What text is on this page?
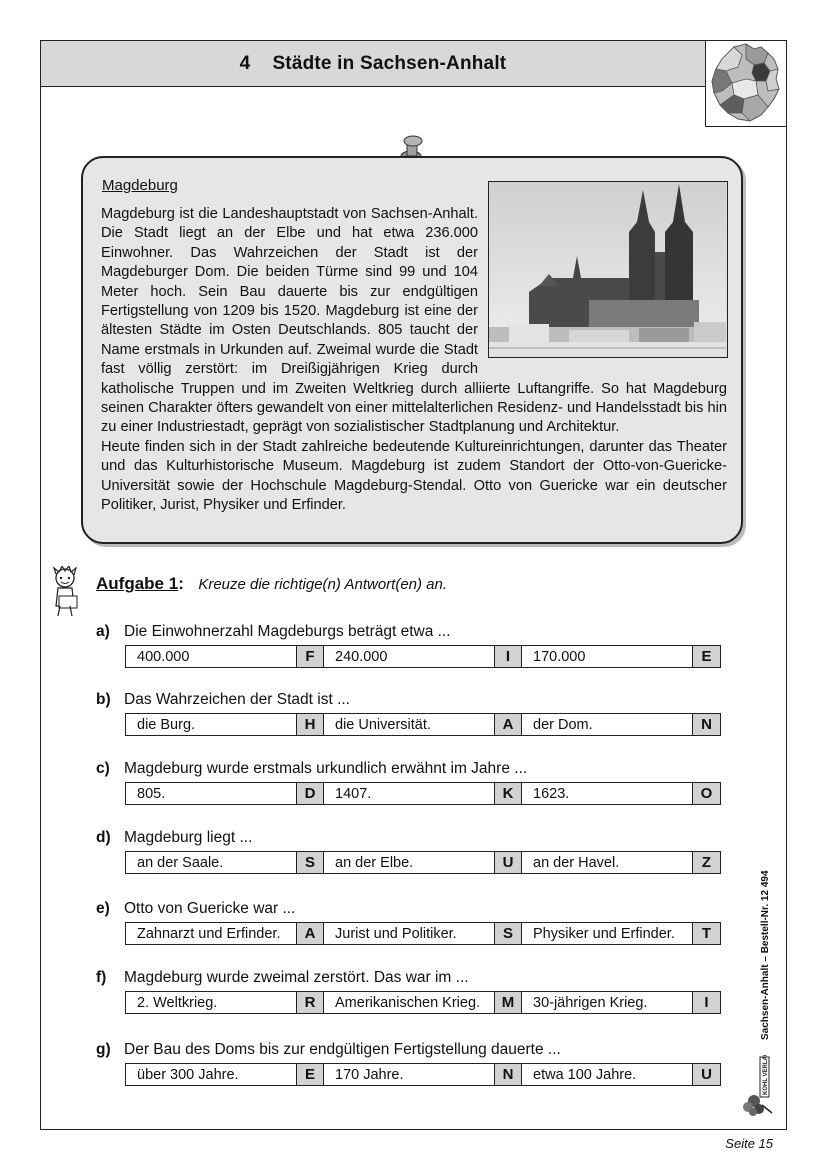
4 Städte in Sachsen-Anhalt
Magdeburg
Magdeburg ist die Landeshauptstadt von Sachsen-Anhalt. Die Stadt liegt an der Elbe und hat etwa 236.000 Einwohner. Das Wahrzeichen der Stadt ist der Magdeburger Dom. Die beiden Türme sind 99 und 104 Meter hoch. Sein Bau dauerte bis zur endgültigen Fertigstellung von 1209 bis 1520. Magdeburg ist eine der ältesten Städte im Osten Deutschlands. 805 taucht der Name erstmals in Urkunden auf. Zweimal wurde die Stadt fast völlig zerstört: im Dreißigjährigen Krieg durch katholische Truppen und im Zweiten Weltkrieg durch alliierte Luftangriffe. So hat Magdeburg seinen Charakter öfters gewandelt von einer mittelalterlichen Residenz- und Handelsstadt bis hin zu einer Industriestadt, geprägt von sozialistischer Stadtplanung und Architektur.
Heute finden sich in der Stadt zahlreiche bedeutende Kultureinrichtungen, darunter das Theater und das Kulturhistorische Museum. Magdeburg ist zudem Standort der Otto-von-Guericke-Universität sowie der Hochschule Magdeburg-Stendal. Otto von Guericke war ein deutscher Politiker, Jurist, Physiker und Erfinder.
Aufgabe 1: Kreuze die richtige(n) Antwort(en) an.
a) Die Einwohnerzahl Magdeburgs beträgt etwa ...
400.000	F	240.000	I	170.000	E
b) Das Wahrzeichen der Stadt ist ...
die Burg.	H	die Universität.	A	der Dom.	N
c) Magdeburg wurde erstmals urkundlich erwähnt im Jahre ...
805.	D	1407.	K	1623.	O
d) Magdeburg liegt ...
an der Saale.	S	an der Elbe.	U	an der Havel.	Z
e) Otto von Guericke war ...
Zahnarzt und Erfinder.	A	Jurist und Politiker.	S	Physiker und Erfinder.	T
f)	Magdeburg wurde zweimal zerstört. Das war im ...
2. Weltkrieg.	R	Amerikanischen Krieg.	M	30-jährigen Krieg.	I
g) Der Bau des Doms bis zur endgültigen Fertigstellung dauerte ...
über 300 Jahre.	E	170 Jahre.	N	etwa 100 Jahre.	U
Sachsen-Anhalt – Bestell-Nr. 12 494
KOHL VERLAG
Seite 15
